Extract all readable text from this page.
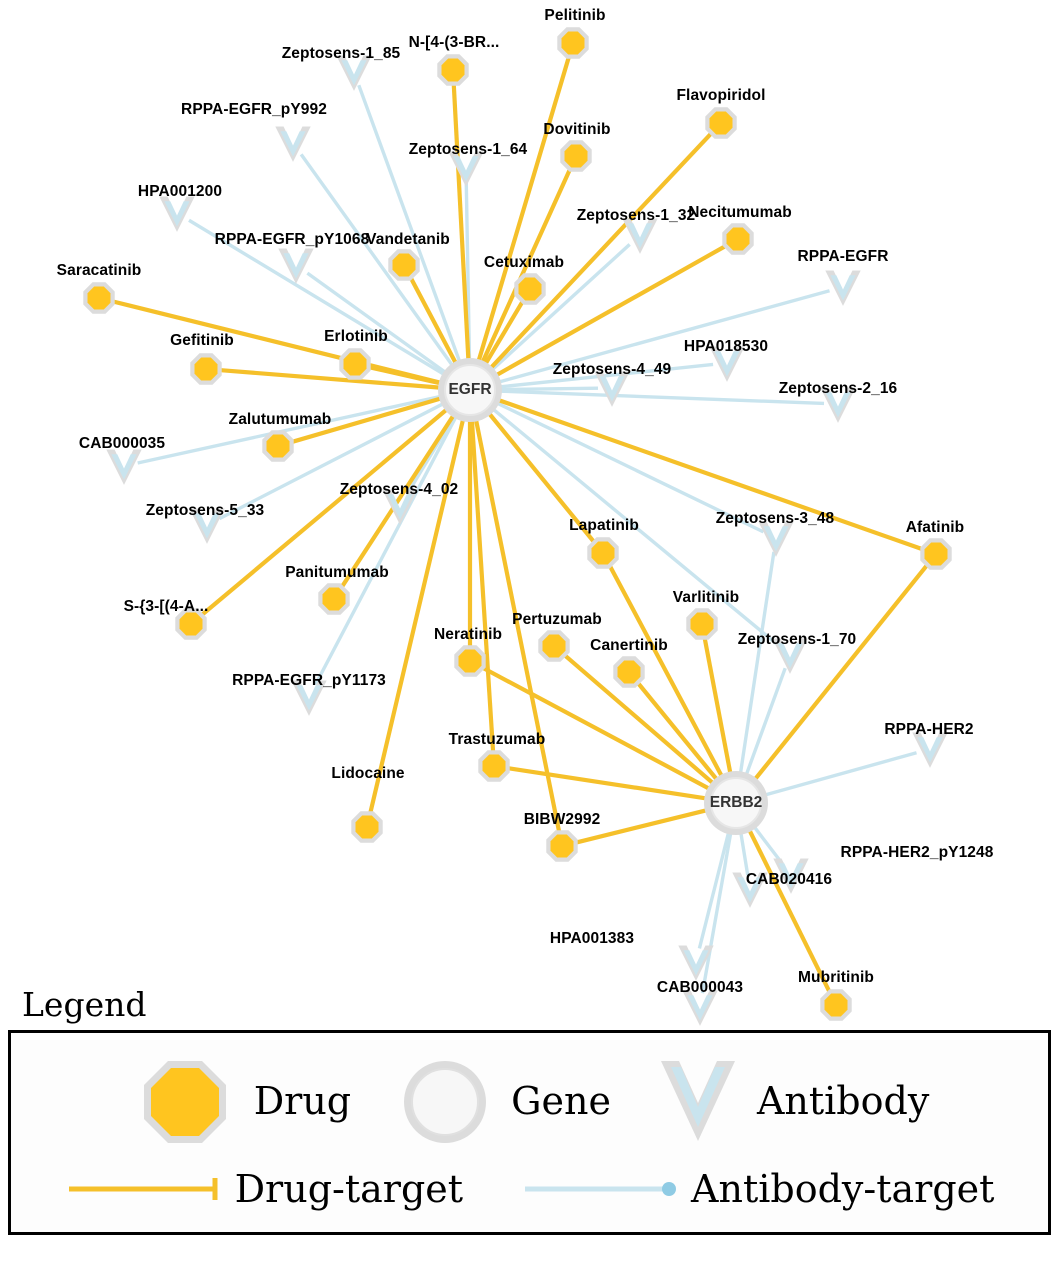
Pelitinib
N-[4-(3-BR...
Flavopiridol
Dovitinib
Necitumumab
Vandetanib
Cetuximab
Saracatinib
Gefitinib	Erlotinib
Zalutumumab
Afatinib
Panitumumab
S-{3-[(4-A...
Lapatinib
Varlitinib
Pertuzumab
Canertinib
Neratinib
Trastuzumab
Lidocaine
BIBW2992
Mubritinib
Zeptosens-1_85
RPPA-EGFR_pY992
Zeptosens-1_64
HPA001200
Zeptosens-1_32
RPPA-EGFR_pY1068
RPPA-EGFR
HPA018530
Zeptosens-4_49
Zeptosens-2_16
CAB000035
Zeptosens-4_02
Zeptosens-5_33	Zeptosens-3_48
Zeptosens-1_70
RPPA-EGFR_pY1173
RPPA-HER2
RPPA-HER2_pY1248
CAB020416
HPA001383
CAB000043
EGFR
ERBB2
Legend
Drug	Gene	Antibody
Drug-target	Antibody-target
